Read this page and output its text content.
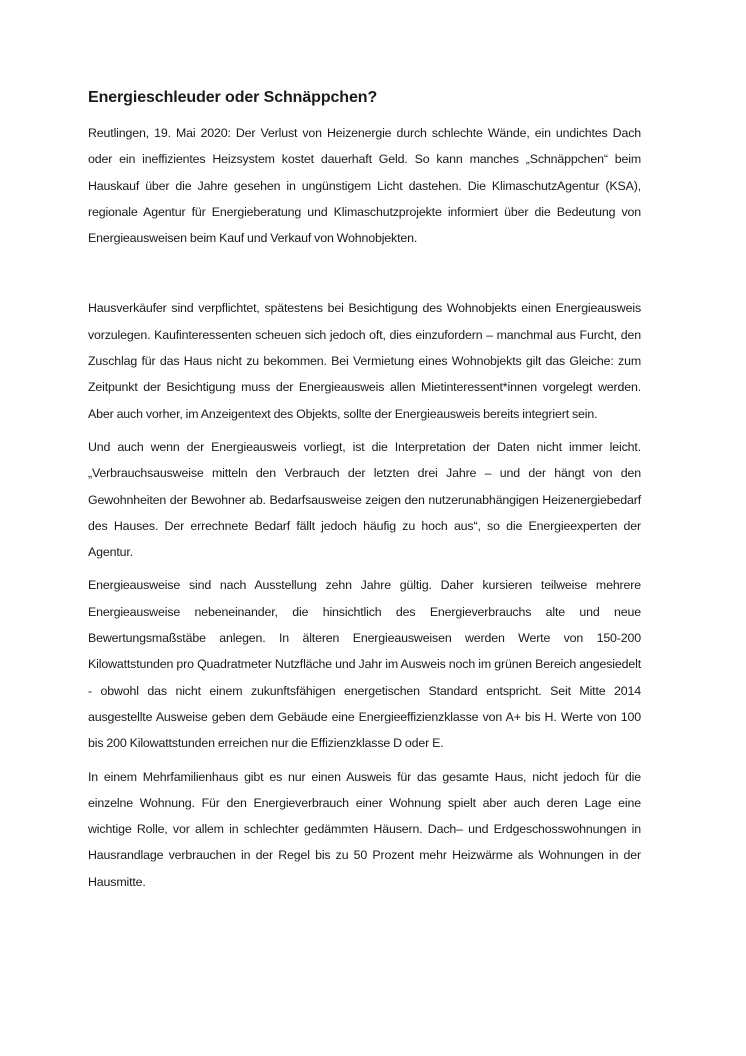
Energieschleuder oder Schnäppchen?

Reutlingen, 19. Mai 2020: Der Verlust von Heizenergie durch schlechte Wände, ein undichtes Dach oder ein ineffizientes Heizsystem kostet dauerhaft Geld. So kann manches „Schnäppchen“ beim Hauskauf über die Jahre gesehen in ungünstigem Licht dastehen. Die KlimaschutzAgentur (KSA), regionale Agentur für Energieberatung und Klimaschutzprojekte informiert über die Bedeutung von Energieausweisen beim Kauf und Verkauf von Wohnobjekten.

Hausverkäufer sind verpflichtet, spätestens bei Besichtigung des Wohnobjekts einen Energieausweis vorzulegen. Kaufinteressenten scheuen sich jedoch oft, dies einzufordern – manchmal aus Furcht, den Zuschlag für das Haus nicht zu bekommen. Bei Vermietung eines Wohnobjekts gilt das Gleiche: zum Zeitpunkt der Besichtigung muss der Energieausweis allen Mietinteressent*innen vorgelegt werden. Aber auch vorher, im Anzeigentext des Objekts, sollte der Energieausweis bereits integriert sein.

Und auch wenn der Energieausweis vorliegt, ist die Interpretation der Daten nicht immer leicht. „Verbrauchsausweise mitteln den Verbrauch der letzten drei Jahre – und der hängt von den Gewohnheiten der Bewohner ab. Bedarfsausweise zeigen den nutzerunabhängigen Heizenergiebedarf des Hauses. Der errechnete Bedarf fällt jedoch häufig zu hoch aus“, so die Energieexperten der Agentur.

Energieausweise sind nach Ausstellung zehn Jahre gültig. Daher kursieren teilweise mehrere Energieausweise nebeneinander, die hinsichtlich des Energieverbrauchs alte und neue Bewertungsmaßstäbe anlegen. In älteren Energieausweisen werden Werte von 150-200 Kilowattstunden pro Quadratmeter Nutzfläche und Jahr im Ausweis noch im grünen Bereich angesiedelt - obwohl das nicht einem zukunftsfähigen energetischen Standard entspricht. Seit Mitte 2014 ausgestellte Ausweise geben dem Gebäude eine Energieeffizienzklasse von A+ bis H. Werte von 100 bis 200 Kilowattstunden erreichen nur die Effizienzklasse D oder E.

In einem Mehrfamilienhaus gibt es nur einen Ausweis für das gesamte Haus, nicht jedoch für die einzelne Wohnung. Für den Energieverbrauch einer Wohnung spielt aber auch deren Lage eine wichtige Rolle, vor allem in schlechter gedämmten Häusern. Dach– und Erdgeschosswohnungen in Hausrandlage verbrauchen in der Regel bis zu 50 Prozent mehr Heizwärme als Wohnungen in der Hausmitte.
